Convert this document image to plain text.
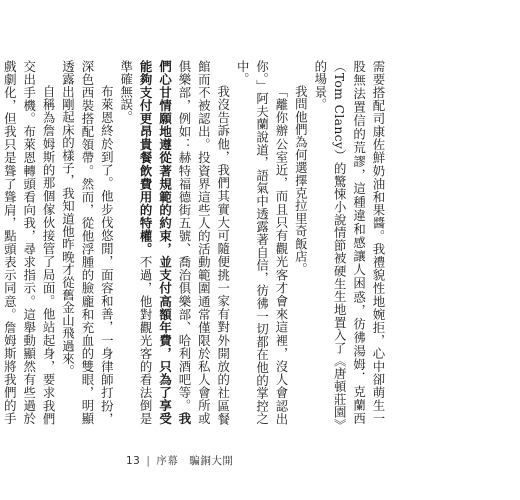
需要搭配司康佐鮮奶油和果醬。我禮貌性地婉拒，心中卻萌生一股無法置信的荒謬，這種違和感讓人困惑，彷彿湯姆．克蘭西（Tom Clancy）的驚悚小說情節被硬生生地置入了《唐頓莊園》的場景。

我問他們為何選擇克拉里奇飯店。

「離你辦公室近，而且只有觀光客才會來這裡，沒人會認出你。」阿夫蘭說道，語氣中透露著自信，彷彿一切都在他的掌控之中。

我沒告訴他，我們其實大可隨便挑一家有對外開放的社區餐館而不被認出。投資界這些人的活動範圍通常僅限於私人會所或俱樂部，例如：赫特福德街五號、喬治俱樂部、哈利酒吧等。我們心甘情願地遵從著規範的約束，並支付高額年費，只為了享受能夠支付更昂貴餐飲費用的特權。不過，他對觀光客的看法倒是準確無誤。

布萊恩終於到了。他步伐悠閒，面容和善，一身律師打扮，深色西裝搭配領帶。然而，從他浮腫的臉龐和充血的雙眼，明顯透露出剛起床的樣子，我知道他昨晚才從舊金山飛過來。

自稱為詹姆斯的那個傢伙接管了局面。他站起身，要求我們交出手機。布萊恩轉頭看向我，尋求指示。這舉動顯然有些過於戲劇化，但我只是聳了聳肩，點頭表示同意。詹姆斯將我們的手

13 | 序幕　 騙銅大開
